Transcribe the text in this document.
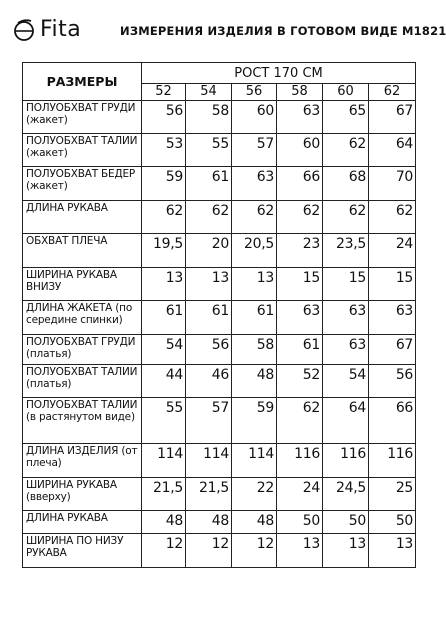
Fita	ИЗМЕРЕНИЯ ИЗДЕЛИЯ В ГОТОВОМ ВИДЕ М1821
РАЗМЕРЫ	РОСТ 170 СМ					
	52	54	56	58	60	62
ПОЛУОБХВАТ ГРУДИ (жакет)	56	58	60	63	65	67
ПОЛУОБХВАТ ТАЛИИ (жакет)	53	55	57	60	62	64
ПОЛУОБХВАТ БЕДЕР (жакет)	59	61	63	66	68	70
ДЛИНА РУКАВА	62	62	62	62	62	62
ОБХВАТ ПЛЕЧА	19,5	20	20,5	23	23,5	24
ШИРИНА РУКАВА ВНИЗУ	13	13	13	15	15	15
ДЛИНА ЖАКЕТА (по середине спинки)	61	61	61	63	63	63
ПОЛУОБХВАТ ГРУДИ (платья)	54	56	58	61	63	67
ПОЛУОБХВАТ ТАЛИИ (платья)	44	46	48	52	54	56
ПОЛУОБХВАТ ТАЛИИ (в растянутом виде)	55	57	59	62	64	66
ДЛИНА ИЗДЕЛИЯ (от плеча)	114	114	114	116	116	116
ШИРИНА РУКАВА (вверху)	21,5	21,5	22	24	24,5	25
ДЛИНА РУКАВА	48	48	48	50	50	50
ШИРИНА ПО НИЗУ РУКАВА	12	12	12	13	13	13
